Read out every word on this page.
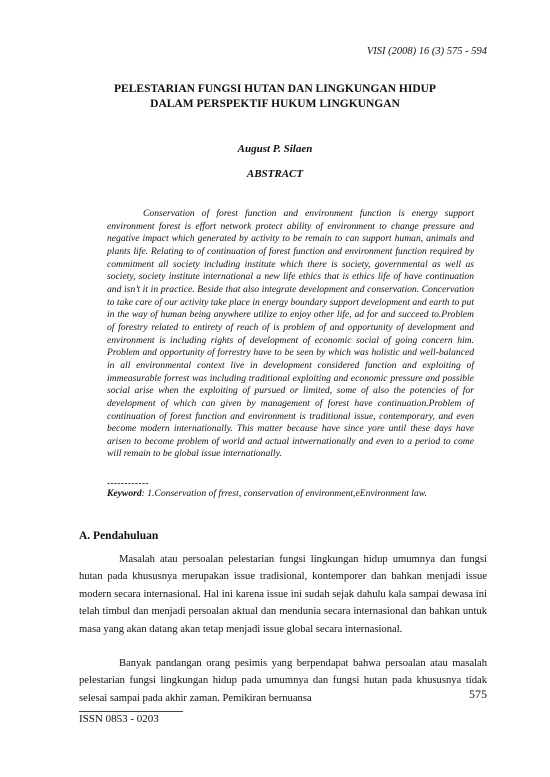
VISI (2008) 16 (3) 575 - 594
PELESTARIAN FUNGSI HUTAN DAN LINGKUNGAN HIDUP
DALAM PERSPEKTIF HUKUM LINGKUNGAN
August P. Silaen
ABSTRACT

Conservation of forest function and environment function is energy support environment forest is effort network protect ability of environment to change pressure and negative impact which generated by activity to be remain to can support human, animals and plants life. Relating to of continuation of forest function and environment function required by commitment all society including institute which there is society, governmental as well as society, society institute international a new life ethics that is ethics life of have continuation and isn’t it in practice. Beside that also integrate development and conservation. Concervation to take care of our activity take place in energy boundary support development and earth to put in the way of human being anywhere utilize to enjoy other life, ad for and succeed to.Problem of forestry related to entirety of reach of is problem of and opportunity of development and environment is including rights of development of economic social of going concern him. Problem and opportunity of forrestry have to be seen by which was holistic and well-balanced in all environmental context live in development considered function and exploiting of immeasurable forrest was including traditional exploiting and economic pressure and possible social arise when the exploiting of pursued or limited, some of also the potencies of for development of which can given by management of forest have continuation.Problem of continuation of forest function and environment is traditional issue, contemporary, and even become modern internationally. This matter because have since yore until these days have arisen to become problem of world and actual intwernationally and even to a period to come will remain to be global issue internationally.

------------
Keyword: 1.Conservation of frrest, conservation of environment,eEnvironment law.
A. Pendahuluan

Masalah atau persoalan pelestarian fungsi lingkungan hidup umumnya dan fungsi hutan pada khususnya merupakan issue tradisional, kontemporer dan bahkan menjadi issue modern secara internasional. Hal ini karena issue ini sudah sejak dahulu kala sampai dewasa ini telah timbul dan menjadi persoalan aktual dan mendunia secara internasional dan bahkan untuk masa yang akan datang akan tetap menjadi issue global secara internasional.

Banyak pandangan orang pesimis yang berpendapat bahwa persoalan atau masalah pelestarian fungsi lingkungan hidup pada umumnya dan fungsi hutan pada khususnya tidak selesai sampai pada akhir zaman. Pemikiran bernuansa	575
ISSN 0853 - 0203
